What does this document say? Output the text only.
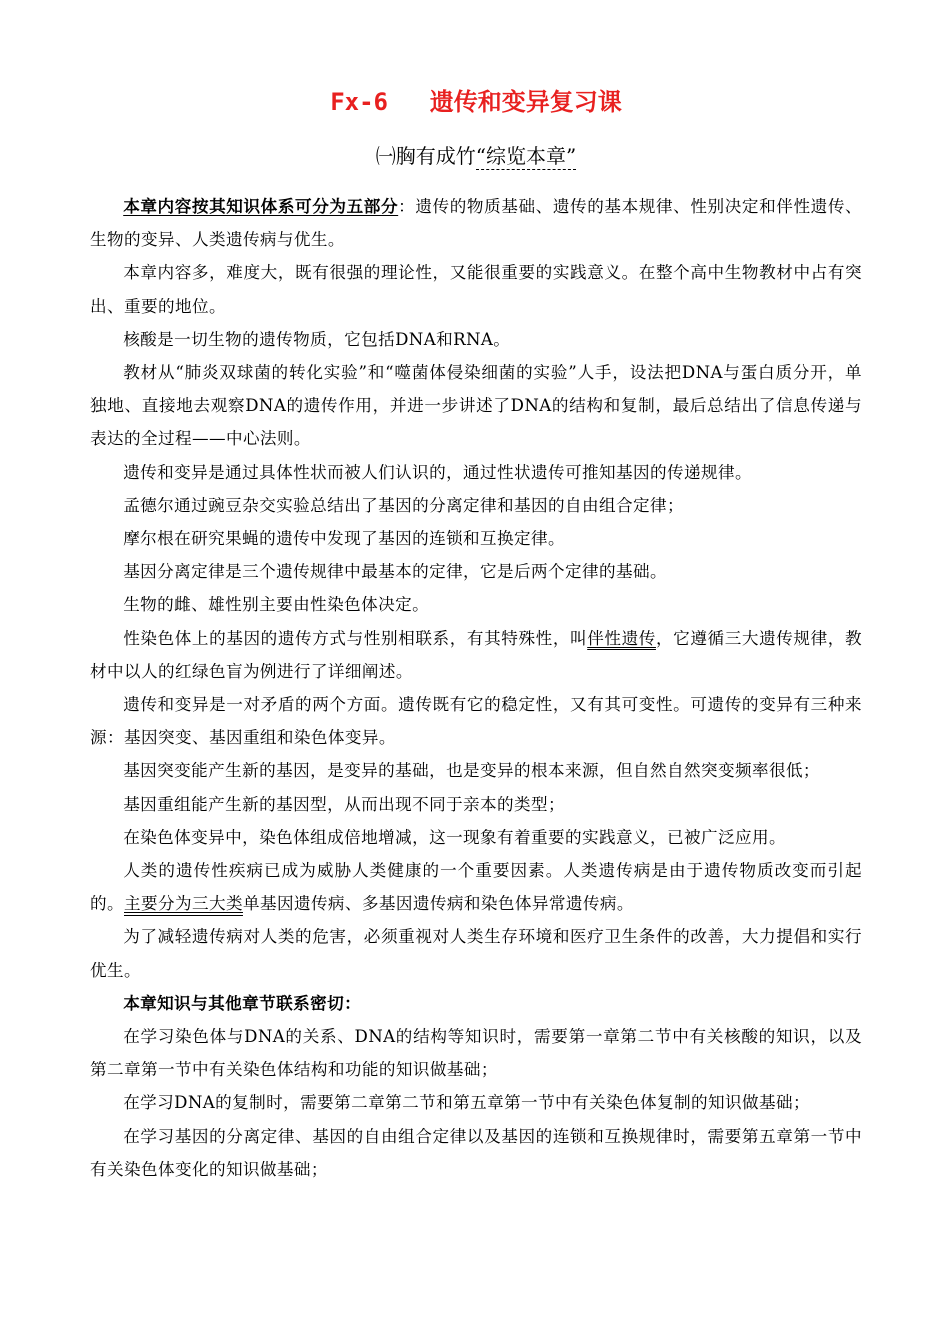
Fx-6 遗传和变异复习课
㈠胸有成竹“综览本章”

本章内容按其知识体系可分为五部分：遗传的物质基础、遗传的基本规律、性别决定和伴性遗传、生物的变异、人类遗传病与优生。

本章内容多，难度大，既有很强的理论性，又能很重要的实践意义。在整个高中生物教材中占有突出、重要的地位。

核酸是一切生物的遗传物质，它包括DNA和RNA。

教材从“肺炎双球菌的转化实验”和“噬菌体侵染细菌的实验”人手，设法把DNA与蛋白质分开，单独地、直接地去观察DNA的遗传作用，并进一步讲述了DNA的结构和复制，最后总结出了信息传递与表达的全过程——中心法则。

遗传和变异是通过具体性状而被人们认识的，通过性状遗传可推知基因的传递规律。

孟德尔通过豌豆杂交实验总结出了基因的分离定律和基因的自由组合定律；

摩尔根在研究果蝇的遗传中发现了基因的连锁和互换定律。

基因分离定律是三个遗传规律中最基本的定律，它是后两个定律的基础。

生物的雌、雄性别主要由性染色体决定。

性染色体上的基因的遗传方式与性别相联系，有其特殊性，叫伴性遗传，它遵循三大遗传规律，教材中以人的红绿色盲为例进行了详细阐述。

遗传和变异是一对矛盾的两个方面。遗传既有它的稳定性，又有其可变性。可遗传的变异有三种来源：基因突变、基因重组和染色体变异。

基因突变能产生新的基因，是变异的基础，也是变异的根本来源，但自然自然突变频率很低；

基因重组能产生新的基因型，从而出现不同于亲本的类型；

在染色体变异中，染色体组成倍地增减，这一现象有着重要的实践意义，已被广泛应用。

人类的遗传性疾病已成为威胁人类健康的一个重要因素。人类遗传病是由于遗传物质改变而引起的。主要分为三大类单基因遗传病、多基因遗传病和染色体异常遗传病。

为了减轻遗传病对人类的危害，必须重视对人类生存环境和医疗卫生条件的改善，大力提倡和实行优生。

本章知识与其他章节联系密切：

在学习染色体与DNA的关系、DNA的结构等知识时，需要第一章第二节中有关核酸的知识，以及第二章第一节中有关染色体结构和功能的知识做基础；

在学习DNA的复制时，需要第二章第二节和第五章第一节中有关染色体复制的知识做基础；

在学习基因的分离定律、基因的自由组合定律以及基因的连锁和互换规律时，需要第五章第一节中有关染色体变化的知识做基础；
